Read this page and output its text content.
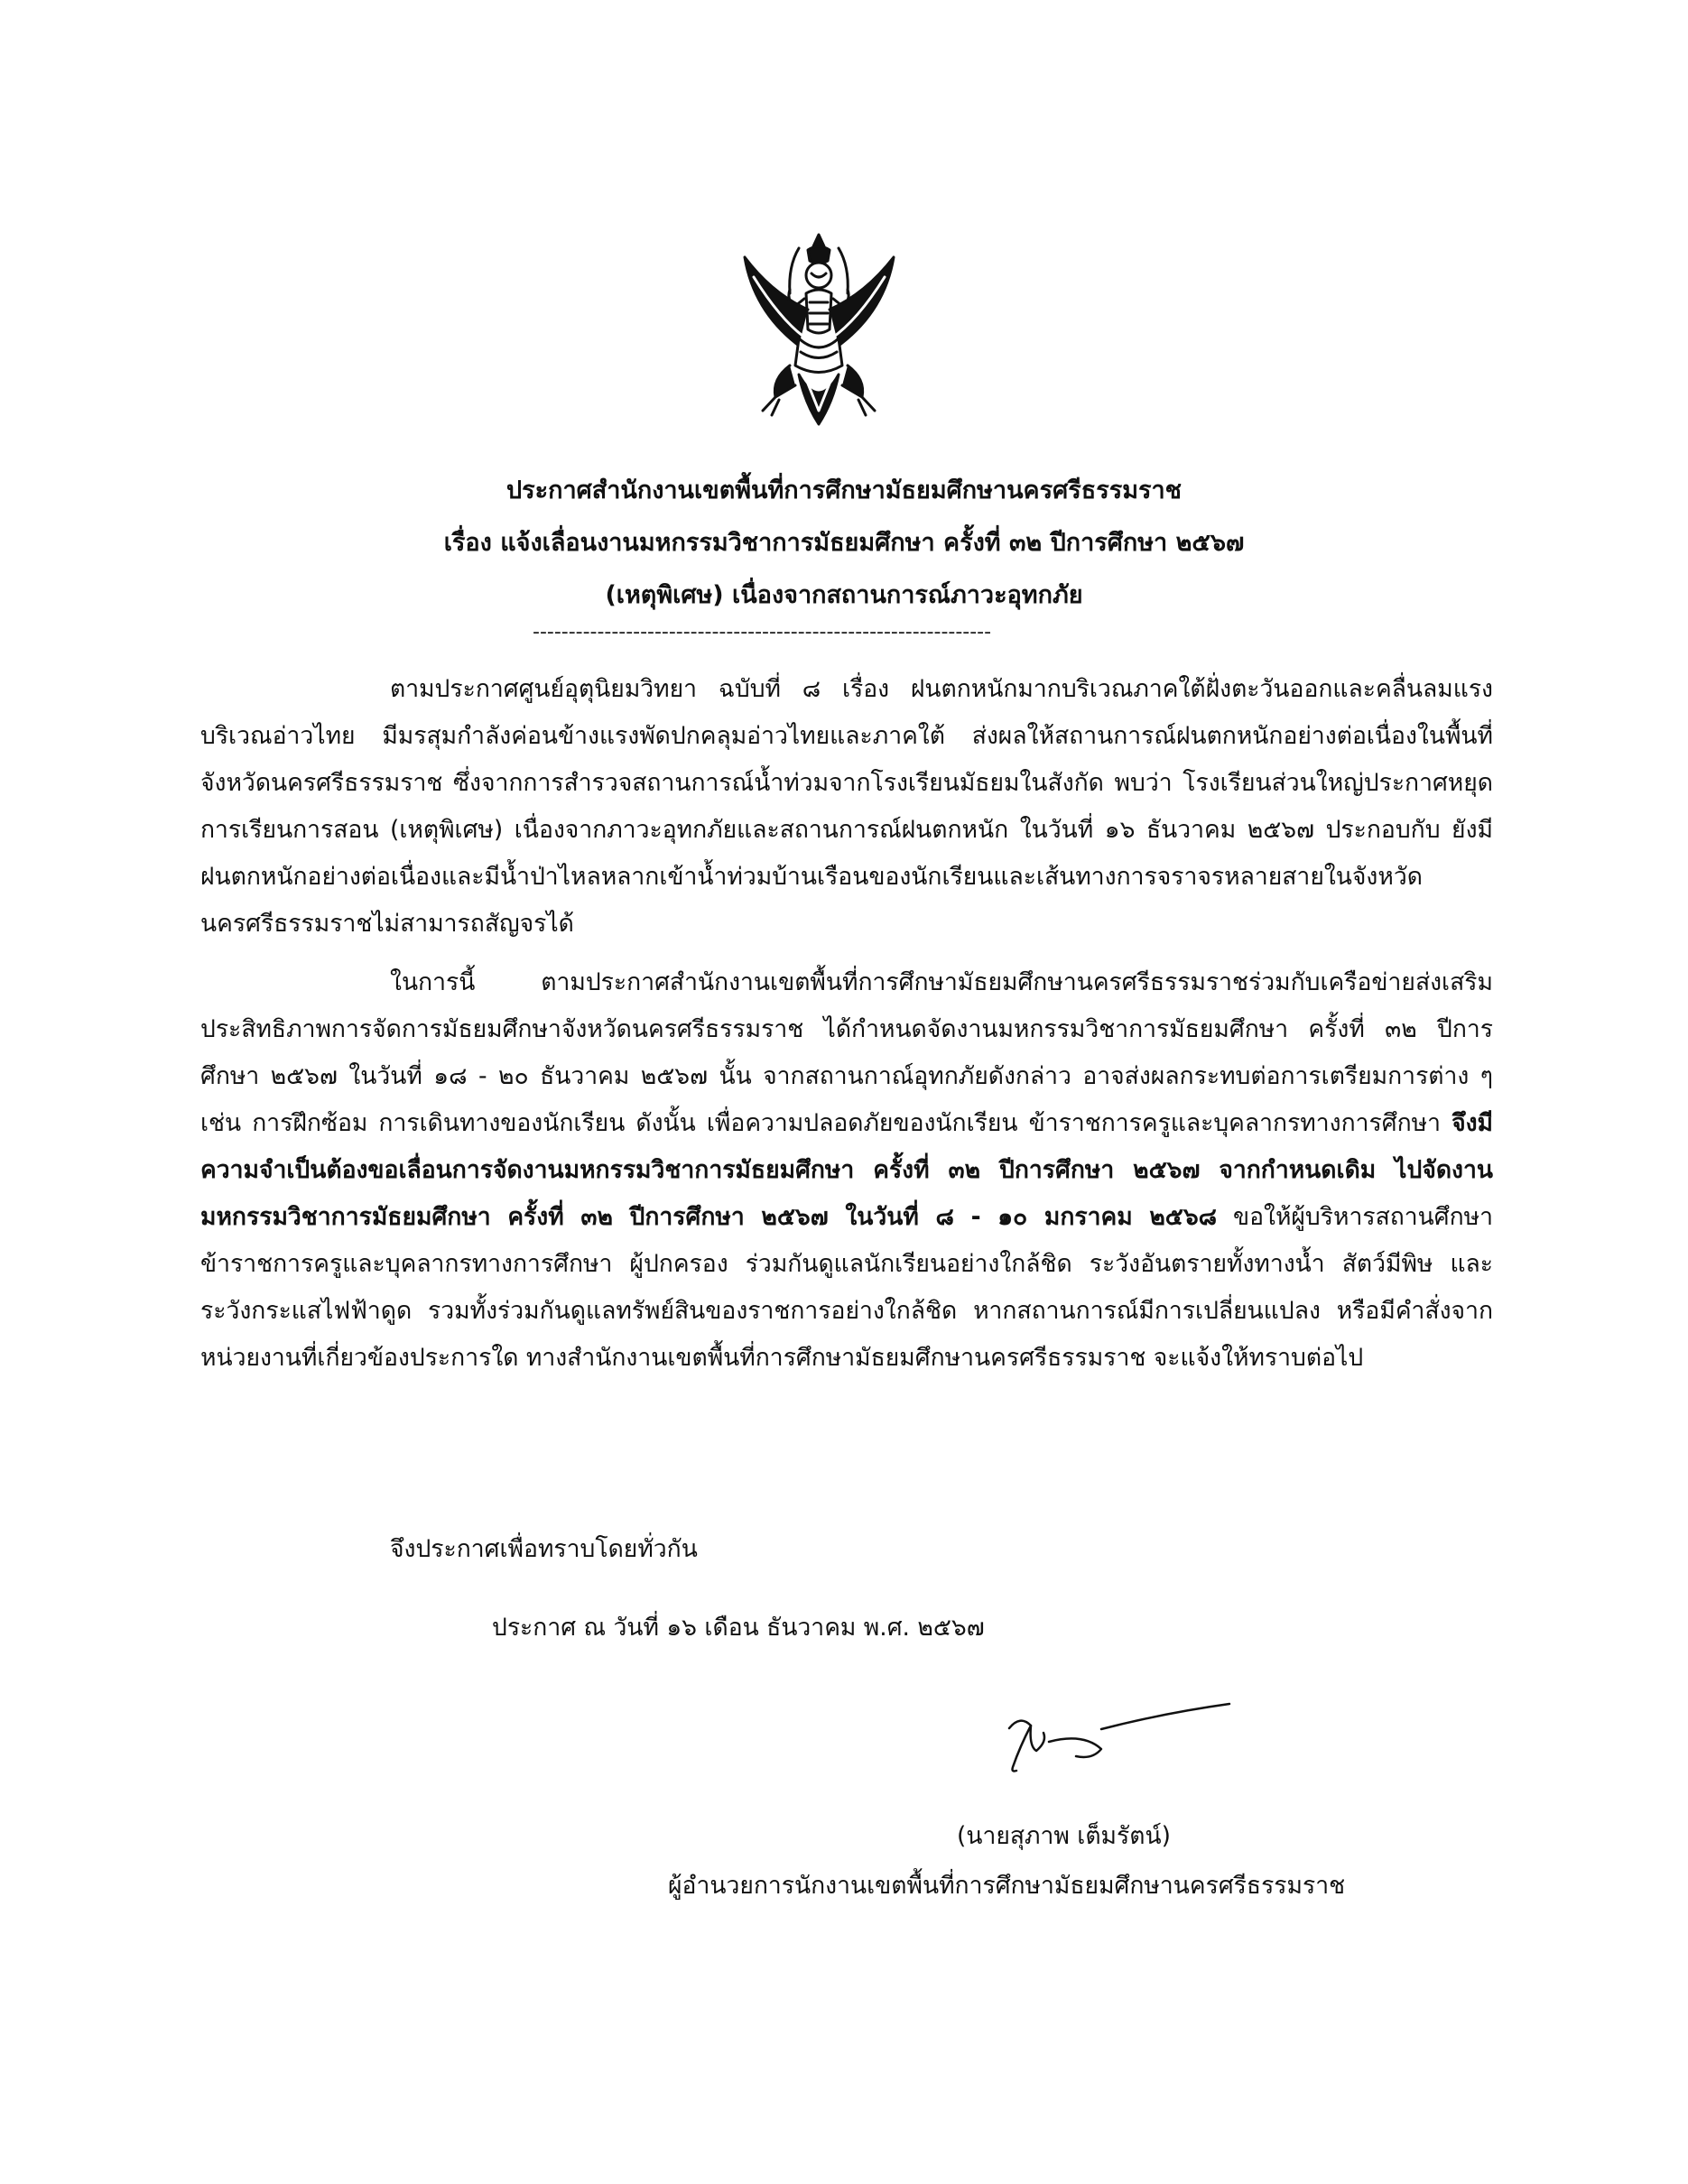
ประกาศสำนักงานเขตพื้นที่การศึกษามัธยมศึกษานครศรีธรรมราช
เรื่อง แจ้งเลื่อนงานมหกรรมวิชาการมัธยมศึกษา ครั้งที่ ๓๒ ปีการศึกษา ๒๕๖๗
(เหตุพิเศษ) เนื่องจากสถานการณ์ภาวะอุทกภัย
----------------------------------------------------------------
ตามประกาศศูนย์อุตุนิยมวิทยา ฉบับที่ ๘ เรื่อง ฝนตกหนักมากบริเวณภาคใต้ฝั่งตะวันออกและคลื่นลมแรงบริเวณอ่าวไทย มีมรสุมกำลังค่อนข้างแรงพัดปกคลุมอ่าวไทยและภาคใต้ ส่งผลให้สถานการณ์ฝนตกหนักอย่างต่อเนื่องในพื้นที่จังหวัดนครศรีธรรมราช ซึ่งจากการสำรวจสถานการณ์น้ำท่วมจากโรงเรียนมัธยมในสังกัด พบว่า โรงเรียนส่วนใหญ่ประกาศหยุดการเรียนการสอน (เหตุพิเศษ) เนื่องจากภาวะอุทกภัยและสถานการณ์ฝนตกหนัก ในวันที่ ๑๖ ธันวาคม ๒๕๖๗ ประกอบกับ ยังมีฝนตกหนักอย่างต่อเนื่องและมีน้ำป่าไหลหลากเข้าน้ำท่วมบ้านเรือนของนักเรียนและเส้นทางการจราจรหลายสายในจังหวัดนครศรีธรรมราชไม่สามารถสัญจรได้
ในการนี้ ตามประกาศสำนักงานเขตพื้นที่การศึกษามัธยมศึกษานครศรีธรรมราชร่วมกับเครือข่ายส่งเสริมประสิทธิภาพการจัดการมัธยมศึกษาจังหวัดนครศรีธรรมราช ได้กำหนดจัดงานมหกรรมวิชาการมัธยมศึกษา ครั้งที่ ๓๒ ปีการศึกษา ๒๕๖๗ ในวันที่ ๑๘ - ๒๐ ธันวาคม ๒๕๖๗ นั้น จากสถานกาณ์อุทกภัยดังกล่าว อาจส่งผลกระทบต่อการเตรียมการต่าง ๆ เช่น การฝึกซ้อม การเดินทางของนักเรียน ดังนั้น เพื่อความปลอดภัยของนักเรียน ข้าราชการครูและบุคลากรทางการศึกษา จึงมีความจำเป็นต้องขอเลื่อนการจัดงานมหกรรมวิชาการมัธยมศึกษา ครั้งที่ ๓๒ ปีการศึกษา ๒๕๖๗ จากกำหนดเดิม ไปจัดงานมหกรรมวิชาการมัธยมศึกษา ครั้งที่ ๓๒ ปีการศึกษา ๒๕๖๗ ในวันที่ ๘ - ๑๐ มกราคม ๒๕๖๘ ขอให้ผู้บริหารสถานศึกษา ข้าราชการครูและบุคลากรทางการศึกษา ผู้ปกครอง ร่วมกันดูแลนักเรียนอย่างใกล้ชิด ระวังอันตรายทั้งทางน้ำ สัตว์มีพิษ และระวังกระแสไฟฟ้าดูด รวมทั้งร่วมกันดูแลทรัพย์สินของราชการอย่างใกล้ชิด หากสถานการณ์มีการเปลี่ยนแปลง หรือมีคำสั่งจากหน่วยงานที่เกี่ยวข้องประการใด ทางสำนักงานเขตพื้นที่การศึกษามัธยมศึกษานครศรีธรรมราช จะแจ้งให้ทราบต่อไป
จึงประกาศเพื่อทราบโดยทั่วกัน
ประกาศ ณ วันที่ ๑๖ เดือน ธันวาคม พ.ศ. ๒๕๖๗
(นายสุภาพ เต็มรัตน์)
ผู้อำนวยการนักงานเขตพื้นที่การศึกษามัธยมศึกษานครศรีธรรมราช
